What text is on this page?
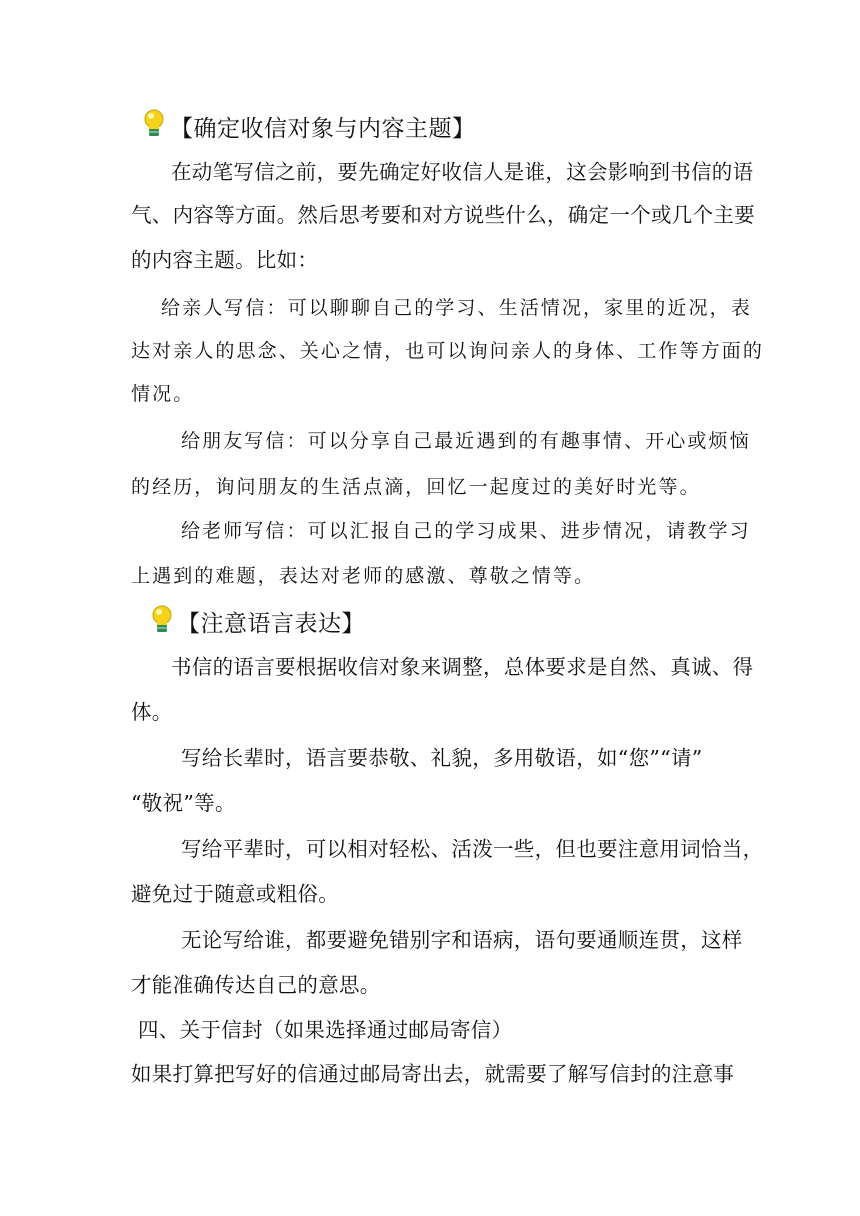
【确定收信对象与内容主题】
在动笔写信之前，要先确定好收信人是谁，这会影响到书信的语
气、内容等方面。然后思考要和对方说些什么，确定一个或几个主要
的内容主题。比如：
给亲人写信：可以聊聊自己的学习、生活情况，家里的近况，表
达对亲人的思念、关心之情，也可以询问亲人的身体、工作等方面的
情况。
给朋友写信：可以分享自己最近遇到的有趣事情、开心或烦恼
的经历，询问朋友的生活点滴，回忆一起度过的美好时光等。
给老师写信：可以汇报自己的学习成果、进步情况，请教学习
上遇到的难题，表达对老师的感激、尊敬之情等。
【注意语言表达】
书信的语言要根据收信对象来调整，总体要求是自然、真诚、得
体。
写给长辈时，语言要恭敬、礼貌，多用敬语，如“您”“请”
“敬祝”等。
写给平辈时，可以相对轻松、活泼一些，但也要注意用词恰当，
避免过于随意或粗俗。
无论写给谁，都要避免错别字和语病，语句要通顺连贯，这样
才能准确传达自己的意思。
四、关于信封（如果选择通过邮局寄信）
如果打算把写好的信通过邮局寄出去，就需要了解写信封的注意事
